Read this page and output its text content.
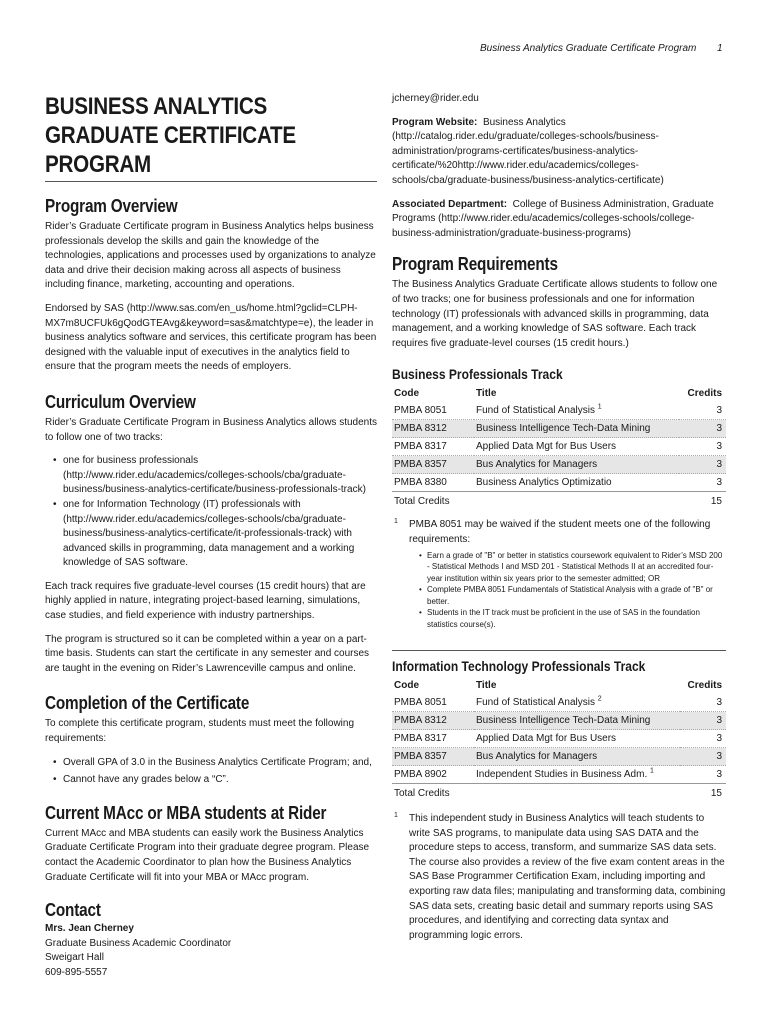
Business Analytics Graduate Certificate Program 1
BUSINESS ANALYTICS
GRADUATE CERTIFICATE
PROGRAM
Program Overview

Rider’s Graduate Certificate program in Business Analytics helps business professionals develop the skills and gain the knowledge of the technologies, applications and processes used by organizations to analyze data and drive their decision making across all aspects of business including finance, marketing, accounting and operations.

Endorsed by SAS (http://www.sas.com/en_us/home.html?gclid=CLPH-MX7m8UCFUk6gQodGTEAvg&keyword=sas&matchtype=e), the leader in business analytics software and services, this certificate program has been designed with the valuable input of executives in the analytics field to ensure that the program meets the needs of employers.

Curriculum Overview

Rider’s Graduate Certificate Program in Business Analytics allows students to follow one of two tracks:

• one for business professionals (http://www.rider.edu/academics/colleges-schools/cba/graduate-business/business-analytics-certificate/business-professionals-track)
• one for Information Technology (IT) professionals with (http://www.rider.edu/academics/colleges-schools/cba/graduate-business/business-analytics-certificate/it-professionals-track) with advanced skills in programming, data management and a working knowledge of SAS software.

Each track requires five graduate-level courses (15 credit hours) that are highly applied in nature, integrating project-based learning, simulations, case studies, and field experience with industry partnerships.

The program is structured so it can be completed within a year on a part-time basis. Students can start the certificate in any semester and courses are taught in the evening on Rider’s Lawrenceville campus and online.

Completion of the Certificate

To complete this certificate program, students must meet the following requirements:

• Overall GPA of 3.0 in the Business Analytics Certificate Program; and,
• Cannot have any grades below a “C”.
Current MAcc or MBA students at Rider

Current MAcc and MBA students can easily work the Business Analytics Graduate Certificate Program into their graduate degree program. Please contact the Academic Coordinator to plan how the Business Analytics Graduate Certificate will fit into your MBA or MAcc program.

Contact

Mrs. Jean Cherney

Graduate Business Academic Coordinator

Sweigart Hall

609-895-5557

jcherney@rider.edu

Program Website: Business Analytics (http://catalog.rider.edu/graduate/colleges-schools/business-administration/programs-certificates/business-analytics-certificate/%20http://www.rider.edu/academics/colleges-schools/cba/graduate-business/business-analytics-certificate)

Associated Department: College of Business Administration, Graduate Programs (http://www.rider.edu/academics/colleges-schools/college-business-administration/graduate-business-programs)

Program Requirements

The Business Analytics Graduate Certificate allows students to follow one of two tracks; one for business professionals and one for information technology (IT) professionals with advanced skills in programming, data management, and a working knowledge of SAS software. Each track requires five graduate-level courses (15 credit hours.)

Business Professionals Track
Code	Title	Credits
PMBA 8051	Fund of Statistical Analysis $^1$	3
PMBA 8312	Business Intelligence Tech-Data Mining	3
PMBA 8317	Applied Data Mgt for Bus Users	3
PMBA 8357	Bus Analytics for Managers	3
PMBA 8380	Business Analytics Optimizatio	3
Total Credits		15
1	PMBA 8051 may be waived if the student meets one of the following requirements:

• Earn a grade of "B" or better in statistics coursework equivalent to Rider’s MSD 200 - Statistical Methods I and MSD 201 - Statistical Methods II at an accredited four-year institution within six years prior to the semester admitted; OR
• Complete PMBA 8051 Fundamentals of Statistical Analysis with a grade of "B" or better.
• Students in the IT track must be proficient in the use of SAS in the foundation statistics course(s).
Information Technology Professionals Track
Code	Title	Credits
PMBA 8051	Fund of Statistical Analysis $^2$	3
PMBA 8312	Business Intelligence Tech-Data Mining	3
PMBA 8317	Applied Data Mgt for Bus Users	3
PMBA 8357	Bus Analytics for Managers	3
PMBA 8902	Independent Studies in Business Adm. $^1$	3
Total Credits		15
1	This independent study in Business Analytics will teach students to write SAS programs, to manipulate data using SAS DATA and the procedure steps to access, transform, and summarize SAS data sets. The course also provides a review of the five exam content areas in the SAS Base Programmer Certification Exam, including importing and exporting raw data files; manipulating and transforming data, combining SAS data sets, creating basic detail and summary reports using SAS procedures, and identifying and correcting data syntax and programming logic errors.
